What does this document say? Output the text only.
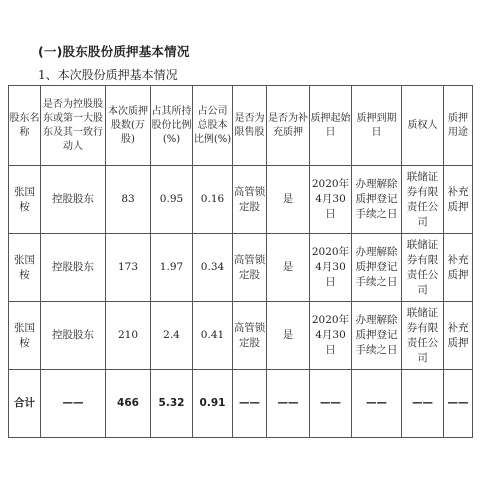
(一)股东股份质押基本情况
1、本次股份质押基本情况
股东名称	是否为控股股东或第一大股东及其一致行动人	本次质押股数(万股)	占其所持股份比例(%)	占公司总股本比例(%)	是否为限售股	是否为补充质押	质押起始日	质押到期日	质权人	质押用途
张国桉	控股股东	83	0.95	0.16	高管锁定股	是	2020年4月30日	办理解除质押登记手续之日	联储证券有限责任公司	补充质押
张国桉	控股股东	173	1.97	0.34	高管锁定股	是	2020年4月30日	办理解除质押登记手续之日	联储证券有限责任公司	补充质押
张国桉	控股股东	210	2.4	0.41	高管锁定股	是	2020年4月30日	办理解除质押登记手续之日	联储证券有限责任公司	补充质押
合计	——	466	5.32	0.91	——	——	——	——	——	——
